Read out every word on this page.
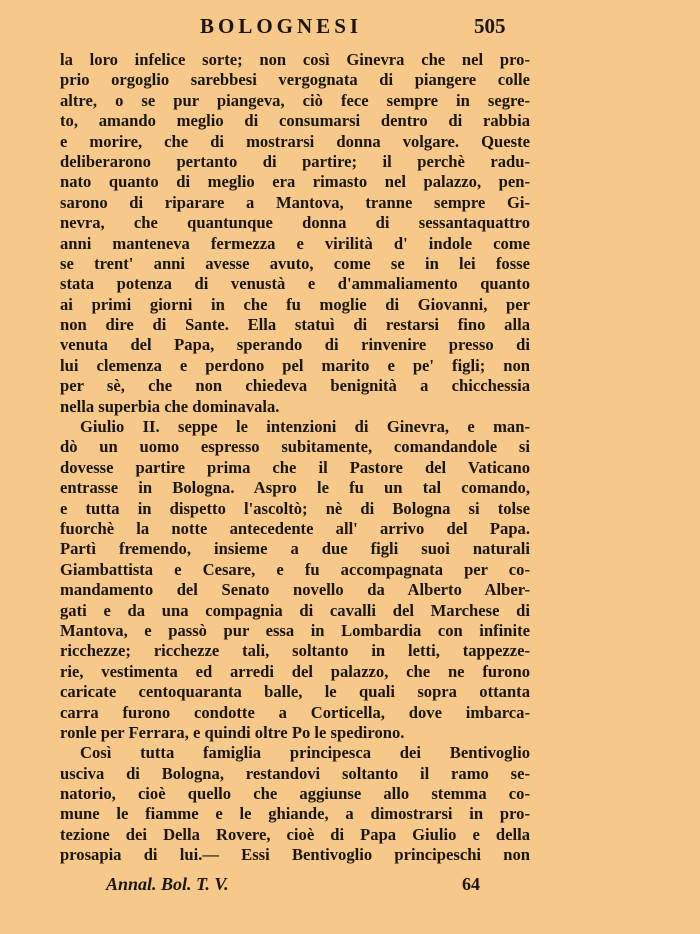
BOLOGNESI	505
la loro infelice sorte; non così Ginevra che nel pro-
prio orgoglio sarebbesi vergognata di piangere colle
altre, o se pur piangeva, ciò fece sempre in segre-
to, amando meglio di consumarsi dentro di rabbia
e morire, che di mostrarsi donna volgare. Queste
deliberarono pertanto di partire; il perchè radu-
nato quanto di meglio era rimasto nel palazzo, pen-
sarono di riparare a Mantova, tranne sempre Gi-
nevra, che quantunque donna di sessantaquattro
anni manteneva fermezza e virilità d' indole come
se trent' anni avesse avuto, come se in lei fosse
stata potenza di venustà e d'ammaliamento quanto
ai primi giorni in che fu moglie di Giovanni, per
non dire di Sante. Ella statuì di restarsi fino alla
venuta del Papa, sperando di rinvenire presso di
lui clemenza e perdono pel marito e pe' figli; non
per sè, che non chiedeva benignità a chicchessia
nella superbia che dominavala.
Giulio II. seppe le intenzioni di Ginevra, e man-
dò un uomo espresso subitamente, comandandole si
dovesse partire prima che il Pastore del Vaticano
entrasse in Bologna. Aspro le fu un tal comando,
e tutta in dispetto l'ascoltò; nè di Bologna si tolse
fuorchè la notte antecedente all' arrivo del Papa.
Partì fremendo, insieme a due figli suoi naturali
Giambattista e Cesare, e fu accompagnata per co-
mandamento del Senato novello da Alberto Alber-
gati e da una compagnia di cavalli del Marchese di
Mantova, e passò pur essa in Lombardia con infinite
ricchezze; ricchezze tali, soltanto in letti, tappezze-
rie, vestimenta ed arredi del palazzo, che ne furono
caricate centoquaranta balle, le quali sopra ottanta
carra furono condotte a Corticella, dove imbarca-
ronle per Ferrara, e quindi oltre Po le spedirono.
Così tutta famiglia principesca dei Bentivoglio
usciva di Bologna, restandovi soltanto il ramo se-
natorio, cioè quello che aggiunse allo stemma co-
mune le fiamme e le ghiande, a dimostrarsi in pro-
tezione dei Della Rovere, cioè di Papa Giulio e della
prosapia di lui.— Essi Bentivoglio principeschi non
Annal. Bol. T. V.	64
